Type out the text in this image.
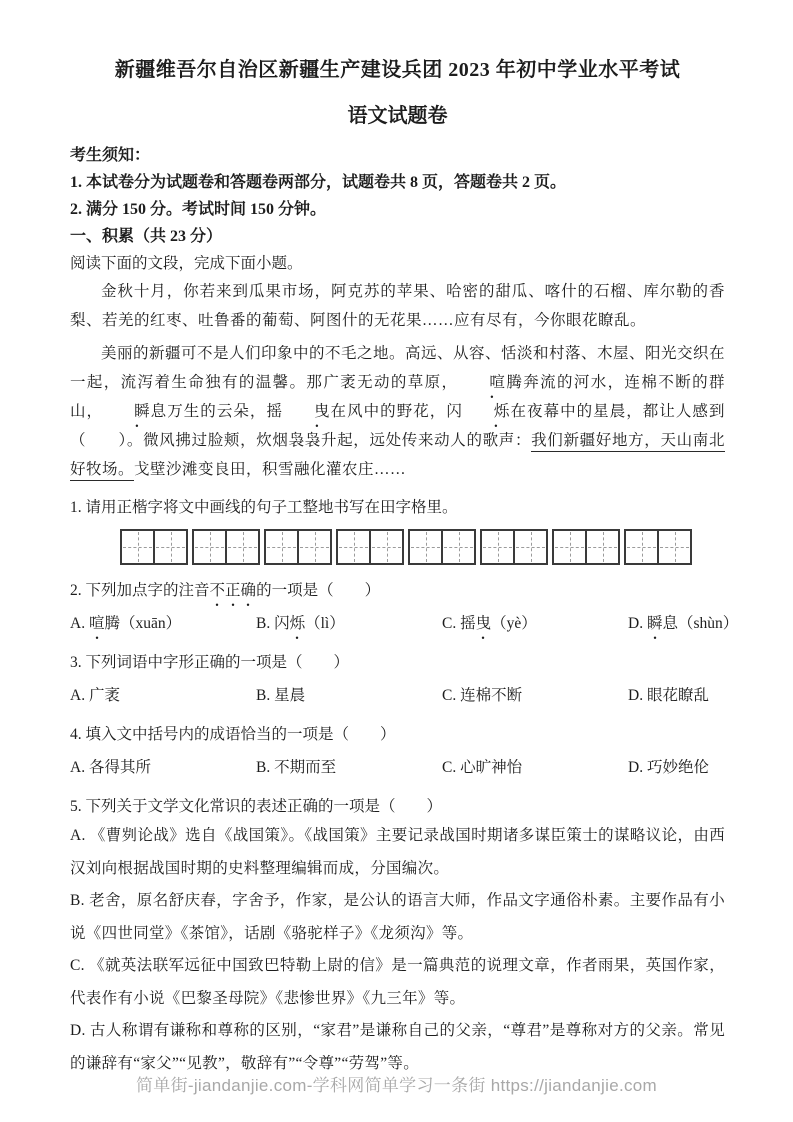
新疆维吾尔自治区新疆生产建设兵团 2023 年初中学业水平考试
语文试题卷

考生须知：

1. 本试卷分为试题卷和答题卷两部分，试题卷共 8 页，答题卷共 2 页。

2. 满分 150 分。考试时间 150 分钟。

一、积累（共 23 分）

阅读下面的文段，完成下面小题。

金秋十月，你若来到瓜果市场，阿克苏的苹果、哈密的甜瓜、喀什的石榴、库尔勒的香梨、若羌的红枣、吐鲁番的葡萄、阿图什的无花果……应有尽有，今你眼花瞭乱。

美丽的新疆可不是人们印象中的不毛之地。高远、从容、恬淡和村落、木屋、阳光交织在一起，流泻着生命独有的温馨。那广袤无动的草原， 喧腾奔流的河水，连棉不断的群山， 瞬息万生的云朵，摇 曳在风中的野花，闪 烁在夜幕中的星晨，都让人感到（　　）。微风拂过脸颊，炊烟袅袅升起，远处传来动人的歌声：我们新疆好地方，天山南北好牧场。戈壁沙滩变良田，积雪融化灌农庄……

1. 请用正楷字将文中画线的句子工整地书写在田字格里。

2. 下列加点字的注音不正确的一项是（　　）

A. 喧腾（xuān）	B. 闪烁（lì）	C. 摇曳（yè）	D. 瞬息（shùn）

3. 下列词语中字形正确的一项是（　　）

A. 广袤	B. 星晨	C. 连棉不断	D. 眼花瞭乱

4. 填入文中括号内的成语恰当的一项是（　　）

A. 各得其所	B. 不期而至	C. 心旷神怡	D. 巧妙绝伦

5. 下列关于文学文化常识的表述正确的一项是（　　）

A. 《曹刿论战》选自《战国策》。《战国策》主要记录战国时期诸多谋臣策士的谋略议论，由西汉刘向根据战国时期的史料整理编辑而成，分国编次。

B. 老舍，原名舒庆春，字舍予，作家，是公认的语言大师，作品文字通俗朴素。主要作品有小说《四世同堂》《茶馆》，话剧《骆驼样子》《龙须沟》等。

C. 《就英法联军远征中国致巴特勒上尉的信》是一篇典范的说理文章，作者雨果，英国作家，代表作有小说《巴黎圣母院》《悲惨世界》《九三年》等。

D. 古人称谓有谦称和尊称的区别，“家君”是谦称自己的父亲，“尊君”是尊称对方的父亲。常见的谦辞有“家父”“见教”，敬辞有”“令尊”“劳驾”等。

简单街-jiandanjie.com-学科网简单学习一条街 https://jiandanjie.com
